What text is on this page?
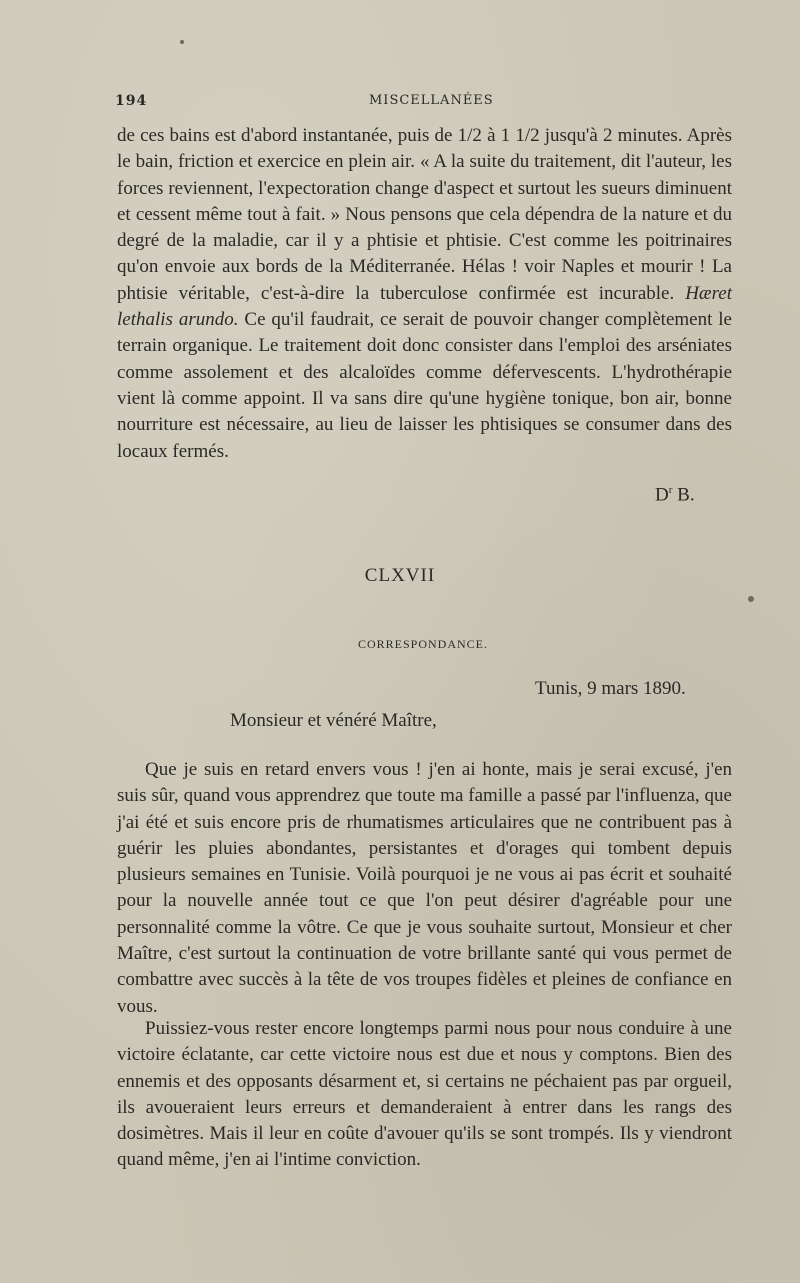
194	MISCELLANÉES

de ces bains est d'abord instantanée, puis de 1/2 à 1 1/2 jusqu'à 2 minutes. Après le bain, friction et exercice en plein air. « A la suite du traitement, dit l'auteur, les forces reviennent, l'expectoration change d'aspect et surtout les sueurs diminuent et cessent même tout à fait. » Nous pensons que cela dépendra de la nature et du degré de la maladie, car il y a phtisie et phtisie. C'est comme les poitrinaires qu'on envoie aux bords de la Méditerranée. Hélas ! voir Naples et mourir ! La phtisie véritable, c'est-à-dire la tuberculose confirmée est incurable. Hæret lethalis arundo. Ce qu'il faudrait, ce serait de pouvoir changer complètement le terrain organique. Le traitement doit donc consister dans l'emploi des arséniates comme assolement et des alcaloïdes comme défervescents. L'hydrothérapie vient là comme appoint. Il va sans dire qu'une hygiène tonique, bon air, bonne nourriture est nécessaire, au lieu de laisser les phtisiques se consumer dans des locaux fermés.

$D^r$ B.
CLXVII
CORRESPONDANCE.
Tunis, 9 mars 1890.
Monsieur et vénéré Maître,

Que je suis en retard envers vous ! j'en ai honte, mais je serai excusé, j'en suis sûr, quand vous apprendrez que toute ma famille a passé par l'influenza, que j'ai été et suis encore pris de rhumatismes articulaires que ne contribuent pas à guérir les pluies abondantes, persistantes et d'orages qui tombent depuis plusieurs semaines en Tunisie. Voilà pourquoi je ne vous ai pas écrit et souhaité pour la nouvelle année tout ce que l'on peut désirer d'agréable pour une personnalité comme la vôtre. Ce que je vous souhaite surtout, Monsieur et cher Maître, c'est surtout la continuation de votre brillante santé qui vous permet de combattre avec succès à la tête de vos troupes fidèles et pleines de confiance en vous.

Puissiez-vous rester encore longtemps parmi nous pour nous conduire à une victoire éclatante, car cette victoire nous est due et nous y comptons. Bien des ennemis et des opposants désarment et, si certains ne péchaient pas par orgueil, ils avoueraient leurs erreurs et demanderaient à entrer dans les rangs des dosimètres. Mais il leur en coûte d'avouer qu'ils se sont trompés. Ils y viendront quand même, j'en ai l'intime conviction.
